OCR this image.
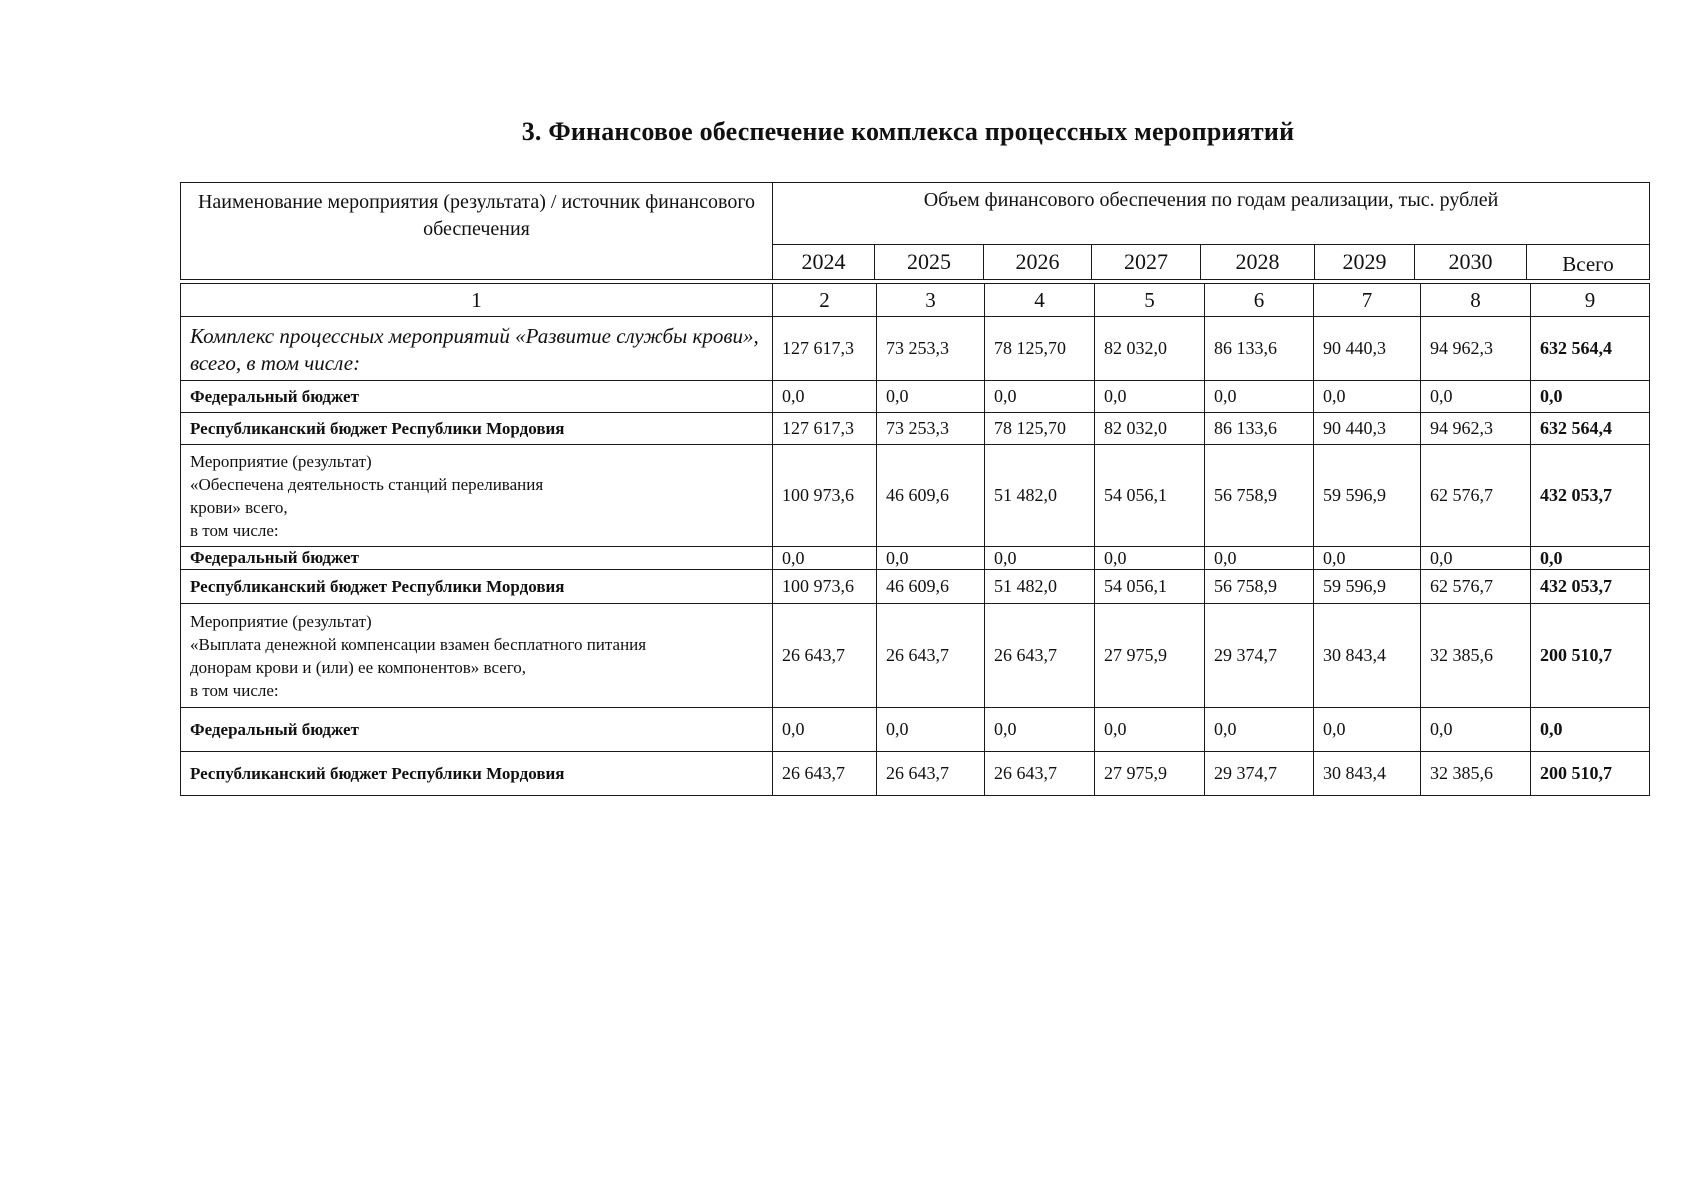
3. Финансовое обеспечение комплекса процессных мероприятий
Наименование мероприятия (результата) / источник финансового обеспечения	Объем финансового обеспечения по годам реализации, тыс. рублей							
	2024	2025	2026	2027	2028	2029	2030	Всего
1	2	3	4	5	6	7	8	9
Комплекс процессных мероприятий «Развитие службы крови», всего, в том числе:	127 617,3	73 253,3	78 125,70	82 032,0	86 133,6	90 440,3	94 962,3	632 564,4
Федеральный бюджет	0,0	0,0	0,0	0,0	0,0	0,0	0,0	0,0
Республиканский бюджет Республики Мордовия	127 617,3	73 253,3	78 125,70	82 032,0	86 133,6	90 440,3	94 962,3	632 564,4

Мероприятие (результат)
«Обеспечена деятельность станций переливания
крови» всего,
в том числе:	100 973,6	46 609,6	51 482,0	54 056,1	56 758,9	59 596,9	62 576,7	432 053,7
Федеральный бюджет	0,0	0,0	0,0	0,0	0,0	0,0	0,0	0,0
Республиканский бюджет Республики Мордовия	100 973,6	46 609,6	51 482,0	54 056,1	56 758,9	59 596,9	62 576,7	432 053,7

Мероприятие (результат)
«Выплата денежной компенсации взамен бесплатного питания
донорам крови и (или) ее компонентов» всего,
в том числе:	26 643,7	26 643,7	26 643,7	27 975,9	29 374,7	30 843,4	32 385,6	200 510,7
Федеральный бюджет	0,0	0,0	0,0	0,0	0,0	0,0	0,0	0,0
Республиканский бюджет Республики Мордовия	26 643,7	26 643,7	26 643,7	27 975,9	29 374,7	30 843,4	32 385,6	200 510,7
